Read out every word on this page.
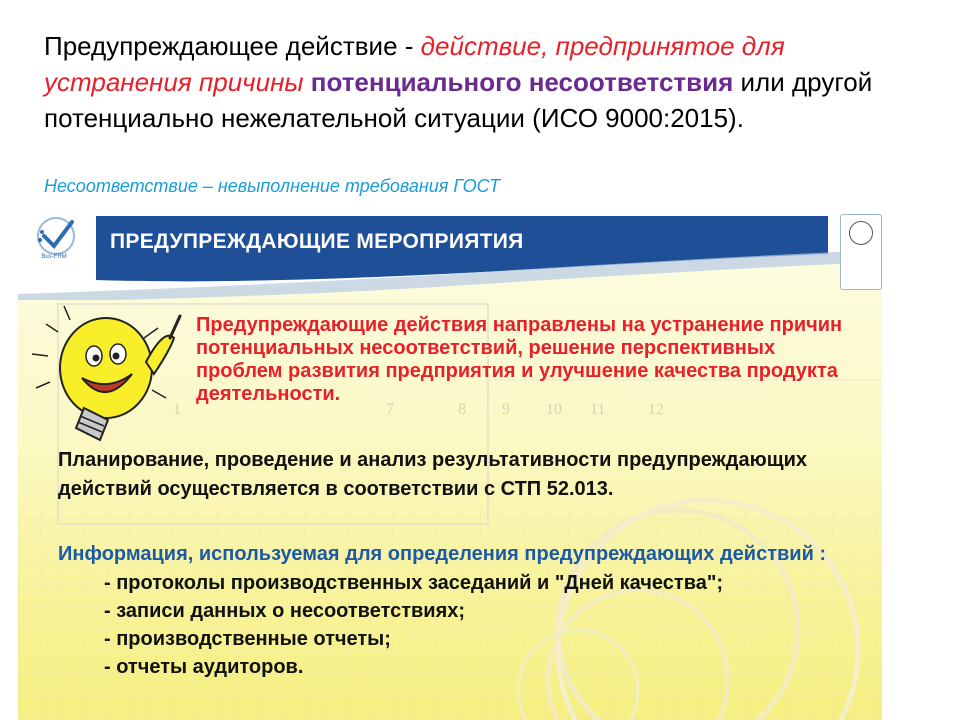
Предупреждающее действие - действие, предпринятое для устранения причины потенциального несоответствия или другой потенциально нежелательной ситуации (ИСО 9000:2015).
Несоответствие – невыполнение требования ГОСТ
1	7	8 9 10 11	12
ПРЕДУПРЕЖДАЮЩИЕ МЕРОПРИЯТИЯ
Bus-FRM
Предупреждающие действия направлены на устранение причин потенциальных несоответствий, решение перспективных проблем развития предприятия и улучшение качества продукта деятельности.
Планирование, проведение и анализ результативности предупреждающих действий осуществляется в соответствии с СТП 52.013.
Информация, используемая для определения предупреждающих действий :
- протоколы производственных заседаний и "Дней качества";
- записи данных о несоответствиях;
- производственные отчеты;
- отчеты аудиторов.
